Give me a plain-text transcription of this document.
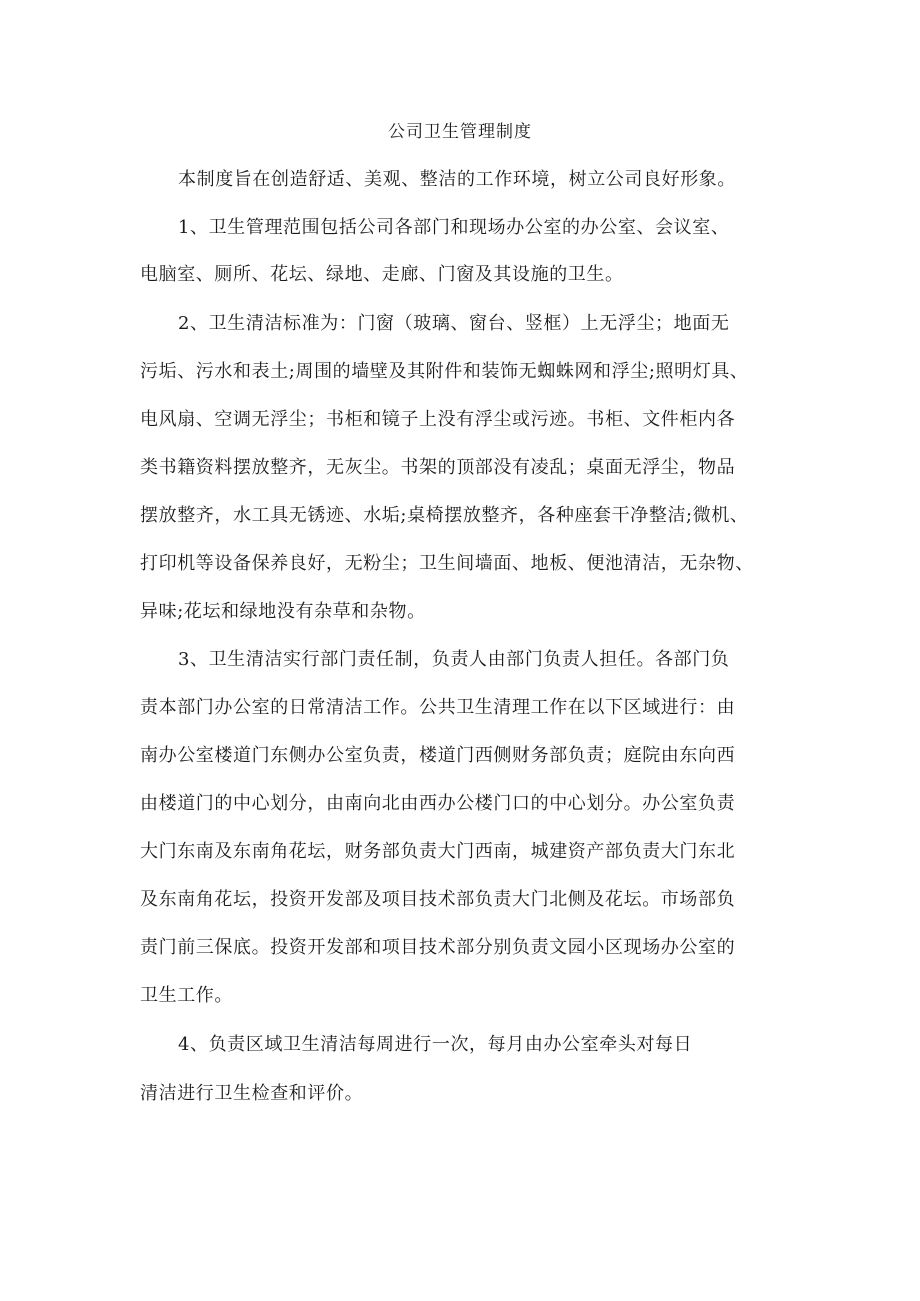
公司卫生管理制度
本制度旨在创造舒适、美观、整洁的工作环境，树立公司良好形象。
1、卫生管理范围包括公司各部门和现场办公室的办公室、会议室、
电脑室、厕所、花坛、绿地、走廊、门窗及其设施的卫生。
2、卫生清洁标准为：门窗（玻璃、窗台、竖框）上无浮尘；地面无
污垢、污水和表土;周围的墙壁及其附件和装饰无蜘蛛网和浮尘;照明灯具、
电风扇、空调无浮尘；书柜和镜子上没有浮尘或污迹。书柜、文件柜内各
类书籍资料摆放整齐，无灰尘。书架的顶部没有凌乱；桌面无浮尘，物品
摆放整齐，水工具无锈迹、水垢;桌椅摆放整齐，各种座套干净整洁;微机、
打印机等设备保养良好，无粉尘；卫生间墙面、地板、便池清洁，无杂物、
异味;花坛和绿地没有杂草和杂物。
3、卫生清洁实行部门责任制，负责人由部门负责人担任。各部门负
责本部门办公室的日常清洁工作。公共卫生清理工作在以下区域进行：由
南办公室楼道门东侧办公室负责，楼道门西侧财务部负责；庭院由东向西
由楼道门的中心划分，由南向北由西办公楼门口的中心划分。办公室负责
大门东南及东南角花坛，财务部负责大门西南，城建资产部负责大门东北
及东南角花坛，投资开发部及项目技术部负责大门北侧及花坛。市场部负
责门前三保底。投资开发部和项目技术部分别负责文园小区现场办公室的
卫生工作。
4、负责区域卫生清洁每周进行一次，每月由办公室牵头对每日
清洁进行卫生检查和评价。
